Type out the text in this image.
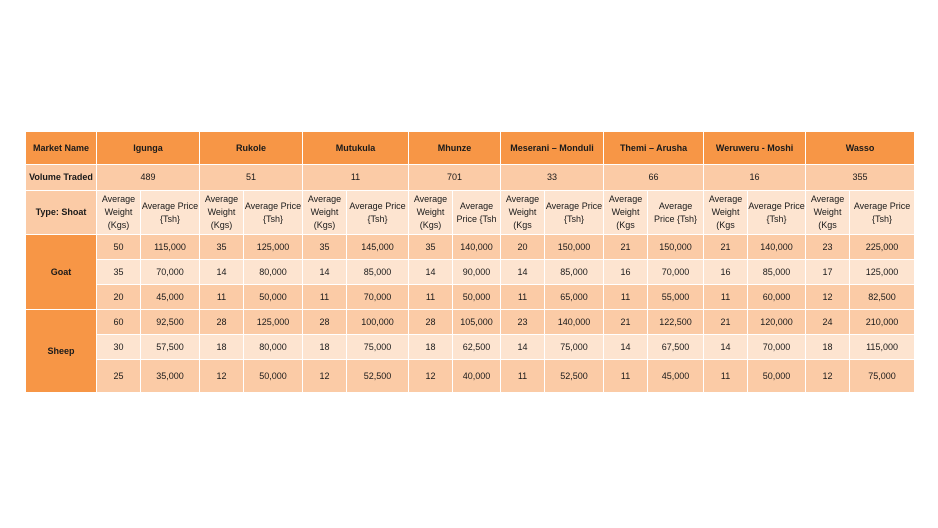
Market Name	Igunga		Rukole		Mutukula		Mhunze		Meserani – Monduli		Themi – Arusha		Weruweru - Moshi		Wasso	
Volume Traded	489		51		11		701		33		66		16		355	
Type: Shoat	Average Weight (Kgs)	Average Price {Tsh}	Average Weight (Kgs)	Average Price {Tsh}	Average Weight (Kgs)	Average Price {Tsh}	Average Weight (Kgs)	Average Price {Tsh	Average Weight (Kgs	Average Price {Tsh}	Average Weight (Kgs	Average Price {Tsh}	Average Weight (Kgs	Average Price {Tsh}	Average Weight (Kgs	Average Price {Tsh}
Goat	50	115,000	35	125,000	35	145,000	35	140,000	20	150,000	21	150,000	21	140,000	23	225,000
	35	70,000	14	80,000	14	85,000	14	90,000	14	85,000	16	70,000	16	85,000	17	125,000
	20	45,000	11	50,000	11	70,000	11	50,000	11	65,000	11	55,000	11	60,000	12	82,500
Sheep	60	92,500	28	125,000	28	100,000	28	105,000	23	140,000	21	122,500	21	120,000	24	210,000
	30	57,500	18	80,000	18	75,000	18	62,500	14	75,000	14	67,500	14	70,000	18	115,000
	25	35,000	12	50,000	12	52,500	12	40,000	11	52,500	11	45,000	11	50,000	12	75,000
